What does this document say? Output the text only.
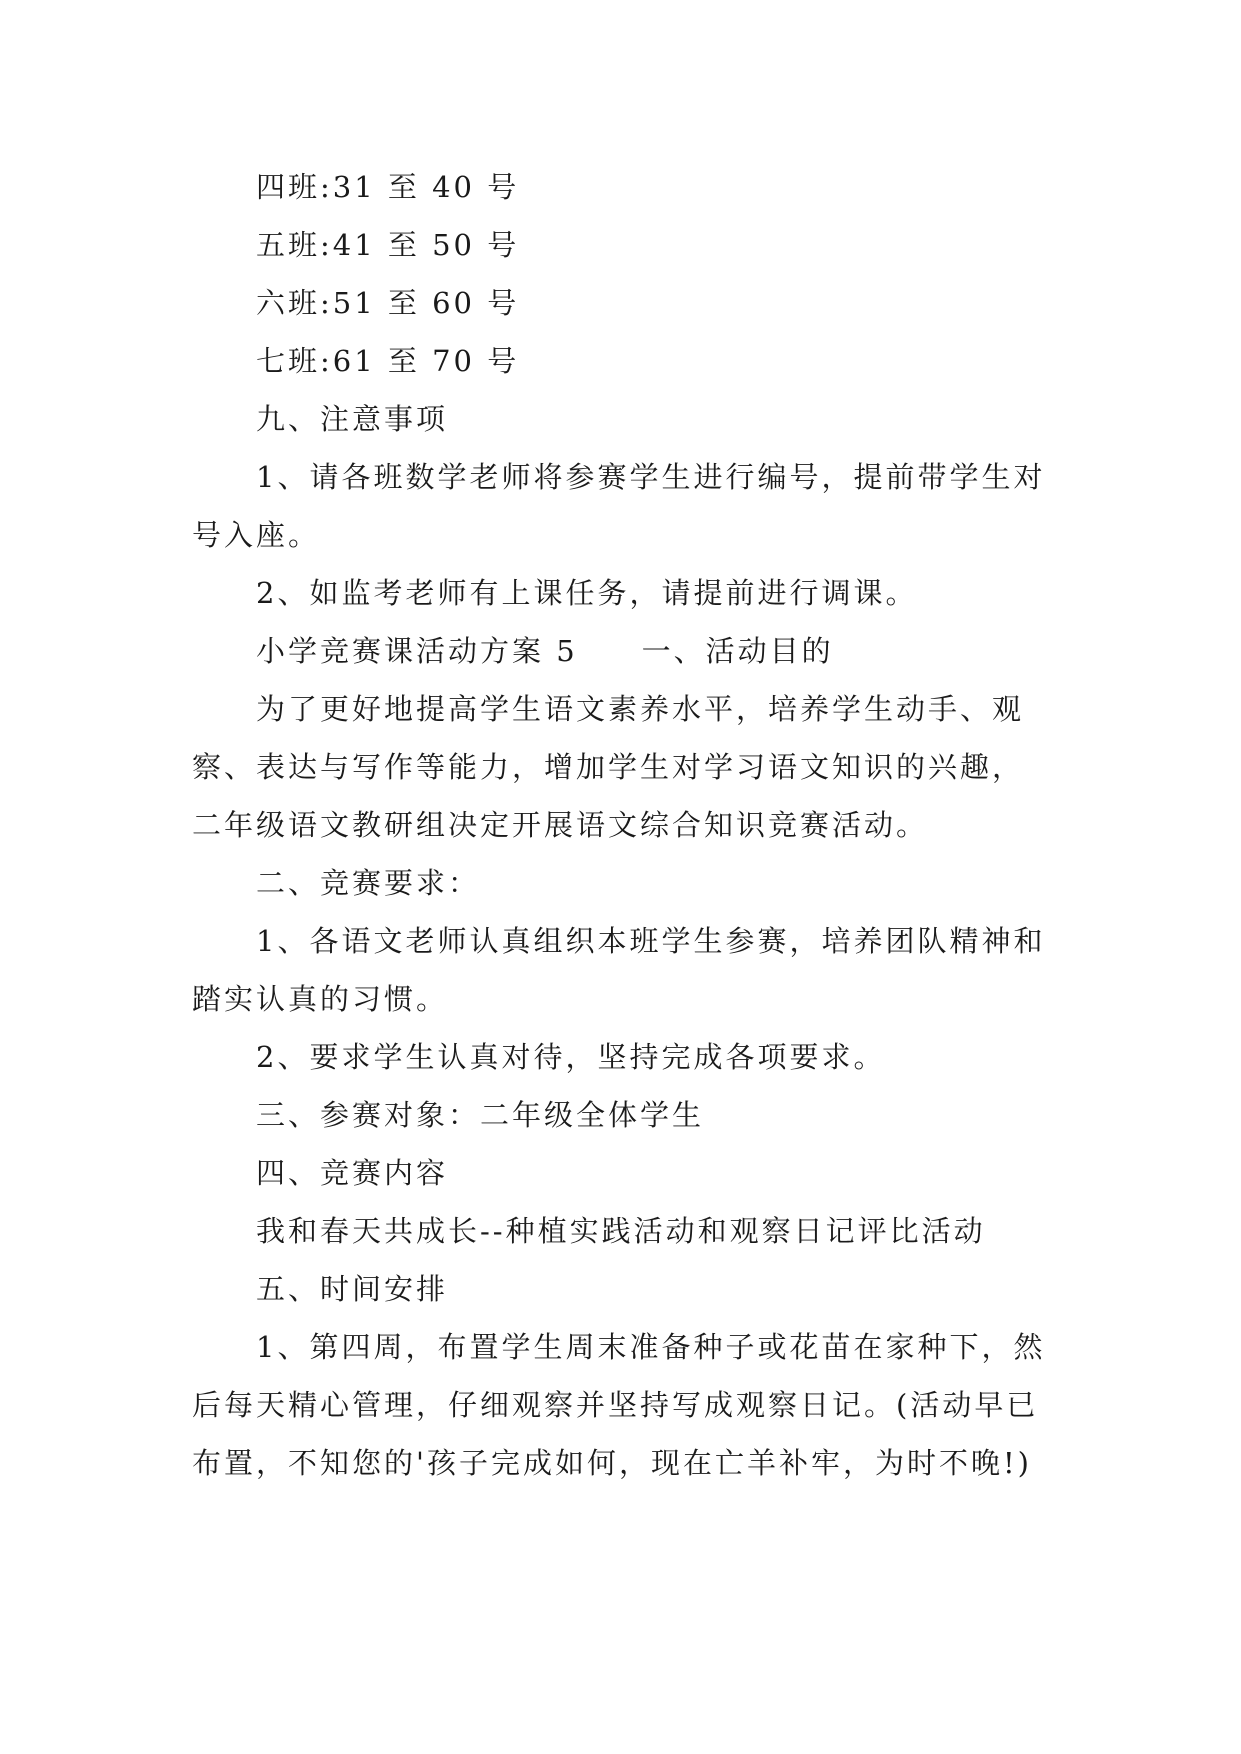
四班:31 至 40 号

五班:41 至 50 号

六班:51 至 60 号

七班:61 至 70 号

九、注意事项

1、请各班数学老师将参赛学生进行编号，提前带学生对号入座。

2、如监考老师有上课任务，请提前进行调课。

小学竞赛课活动方案 5 一、活动目的

为了更好地提高学生语文素养水平，培养学生动手、观察、表达与写作等能力，增加学生对学习语文知识的兴趣，二年级语文教研组决定开展语文综合知识竞赛活动。

二、竞赛要求：

1、各语文老师认真组织本班学生参赛，培养团队精神和踏实认真的习惯。

2、要求学生认真对待，坚持完成各项要求。

三、参赛对象：二年级全体学生

四、竞赛内容

我和春天共成长--种植实践活动和观察日记评比活动

五、时间安排

1、第四周，布置学生周末准备种子或花苗在家种下，然后每天精心管理，仔细观察并坚持写成观察日记。(活动早已布置，不知您的'孩子完成如何，现在亡羊补牢，为时不晚!)
